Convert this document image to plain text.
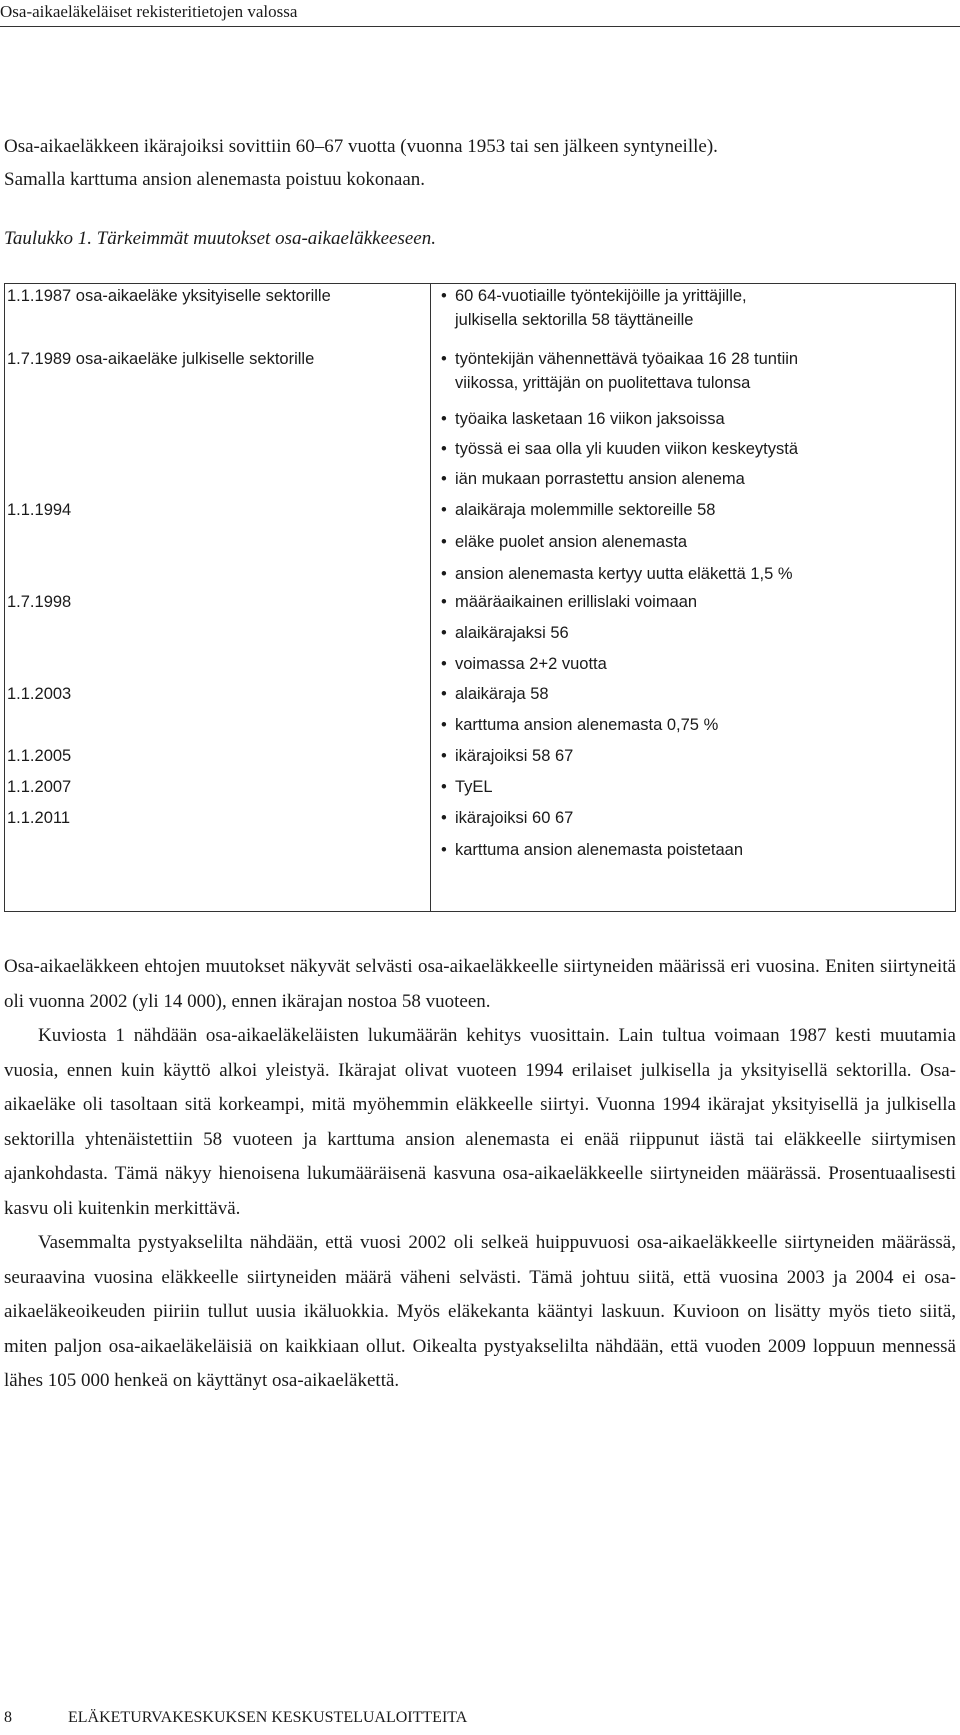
Osa-aikaeläkeläiset rekisteritietojen valossa
Osa-aikaeläkkeen ikärajoiksi sovittiin 60–67 vuotta (vuonna 1953 tai sen jälkeen syntyneille).
Samalla karttuma ansion alenemasta poistuu kokonaan.
Taulukko 1. Tärkeimmät muutokset osa-aikaeläkkeeseen.
1.1.1987 osa-aikaeläke yksityiselle sektorille	• 60 64-vuotiaille työntekijöille ja yrittäjille,
julkisella sektorilla 58 täyttäneille
1.7.1989 osa-aikaeläke julkiselle sektorille	• työntekijän vähennettävä työaikaa 16 28 tuntiin
viikossa, yrittäjän on puolitettava tulonsa
• työaika lasketaan 16 viikon jaksoissa
• työssä ei saa olla yli kuuden viikon keskeytystä
• iän mukaan porrastettu ansion alenema
1.1.1994	• alaikäraja molemmille sektoreille 58
• eläke puolet ansion alenemasta
• ansion alenemasta kertyy uutta eläkettä 1,5 %
1.7.1998	• määräaikainen erillislaki voimaan
• alaikärajaksi 56
• voimassa 2+2 vuotta
1.1.2003	• alaikäraja 58
• karttuma ansion alenemasta 0,75 %
1.1.2005	• ikärajoiksi 58 67
1.1.2007	• TyEL
1.1.2011	• ikärajoiksi 60 67
• karttuma ansion alenemasta poistetaan

Osa-aikaeläkkeen ehtojen muutokset näkyvät selvästi osa-aikaeläkkeelle siirtyneiden määrissä eri vuosina. Eniten siirtyneitä oli vuonna 2002 (yli 14 000), ennen ikärajan nostoa 58 vuoteen.

Kuviosta 1 nähdään osa-aikaeläkeläisten lukumäärän kehitys vuosittain. Lain tultua voimaan 1987 kesti muutamia vuosia, ennen kuin käyttö alkoi yleistyä. Ikärajat olivat vuoteen 1994 erilaiset julkisella ja yksityisellä sektorilla. Osa-aikaeläke oli tasoltaan sitä korkeampi, mitä myöhemmin eläkkeelle siirtyi. Vuonna 1994 ikärajat yksityisellä ja julkisella sektorilla yhtenäistettiin 58 vuoteen ja karttuma ansion alenemasta ei enää riippunut iästä tai eläkkeelle siirtymisen ajankohdasta. Tämä näkyy hienoisena lukumääräisenä kasvuna osa-aikaeläkkeelle siirtyneiden määrässä. Prosentuaalisesti kasvu oli kuitenkin merkittävä.

Vasemmalta pystyakselilta nähdään, että vuosi 2002 oli selkeä huippuvuosi osa-aikaeläkkeelle siirtyneiden määrässä, seuraavina vuosina eläkkeelle siirtyneiden määrä väheni selvästi. Tämä johtuu siitä, että vuosina 2003 ja 2004 ei osa-aikaeläkeoikeuden piiriin tullut uusia ikäluokkia. Myös eläkekanta kääntyi laskuun. Kuvioon on lisätty myös tieto siitä, miten paljon osa-aikaeläkeläisiä on kaikkiaan ollut. Oikealta pystyakselilta nähdään, että vuoden 2009 loppuun mennessä lähes 105 000 henkeä on käyttänyt osa-aikaeläkettä.

8	ELÄKETURVAKESKUKSEN KESKUSTELUALOITTEITA
